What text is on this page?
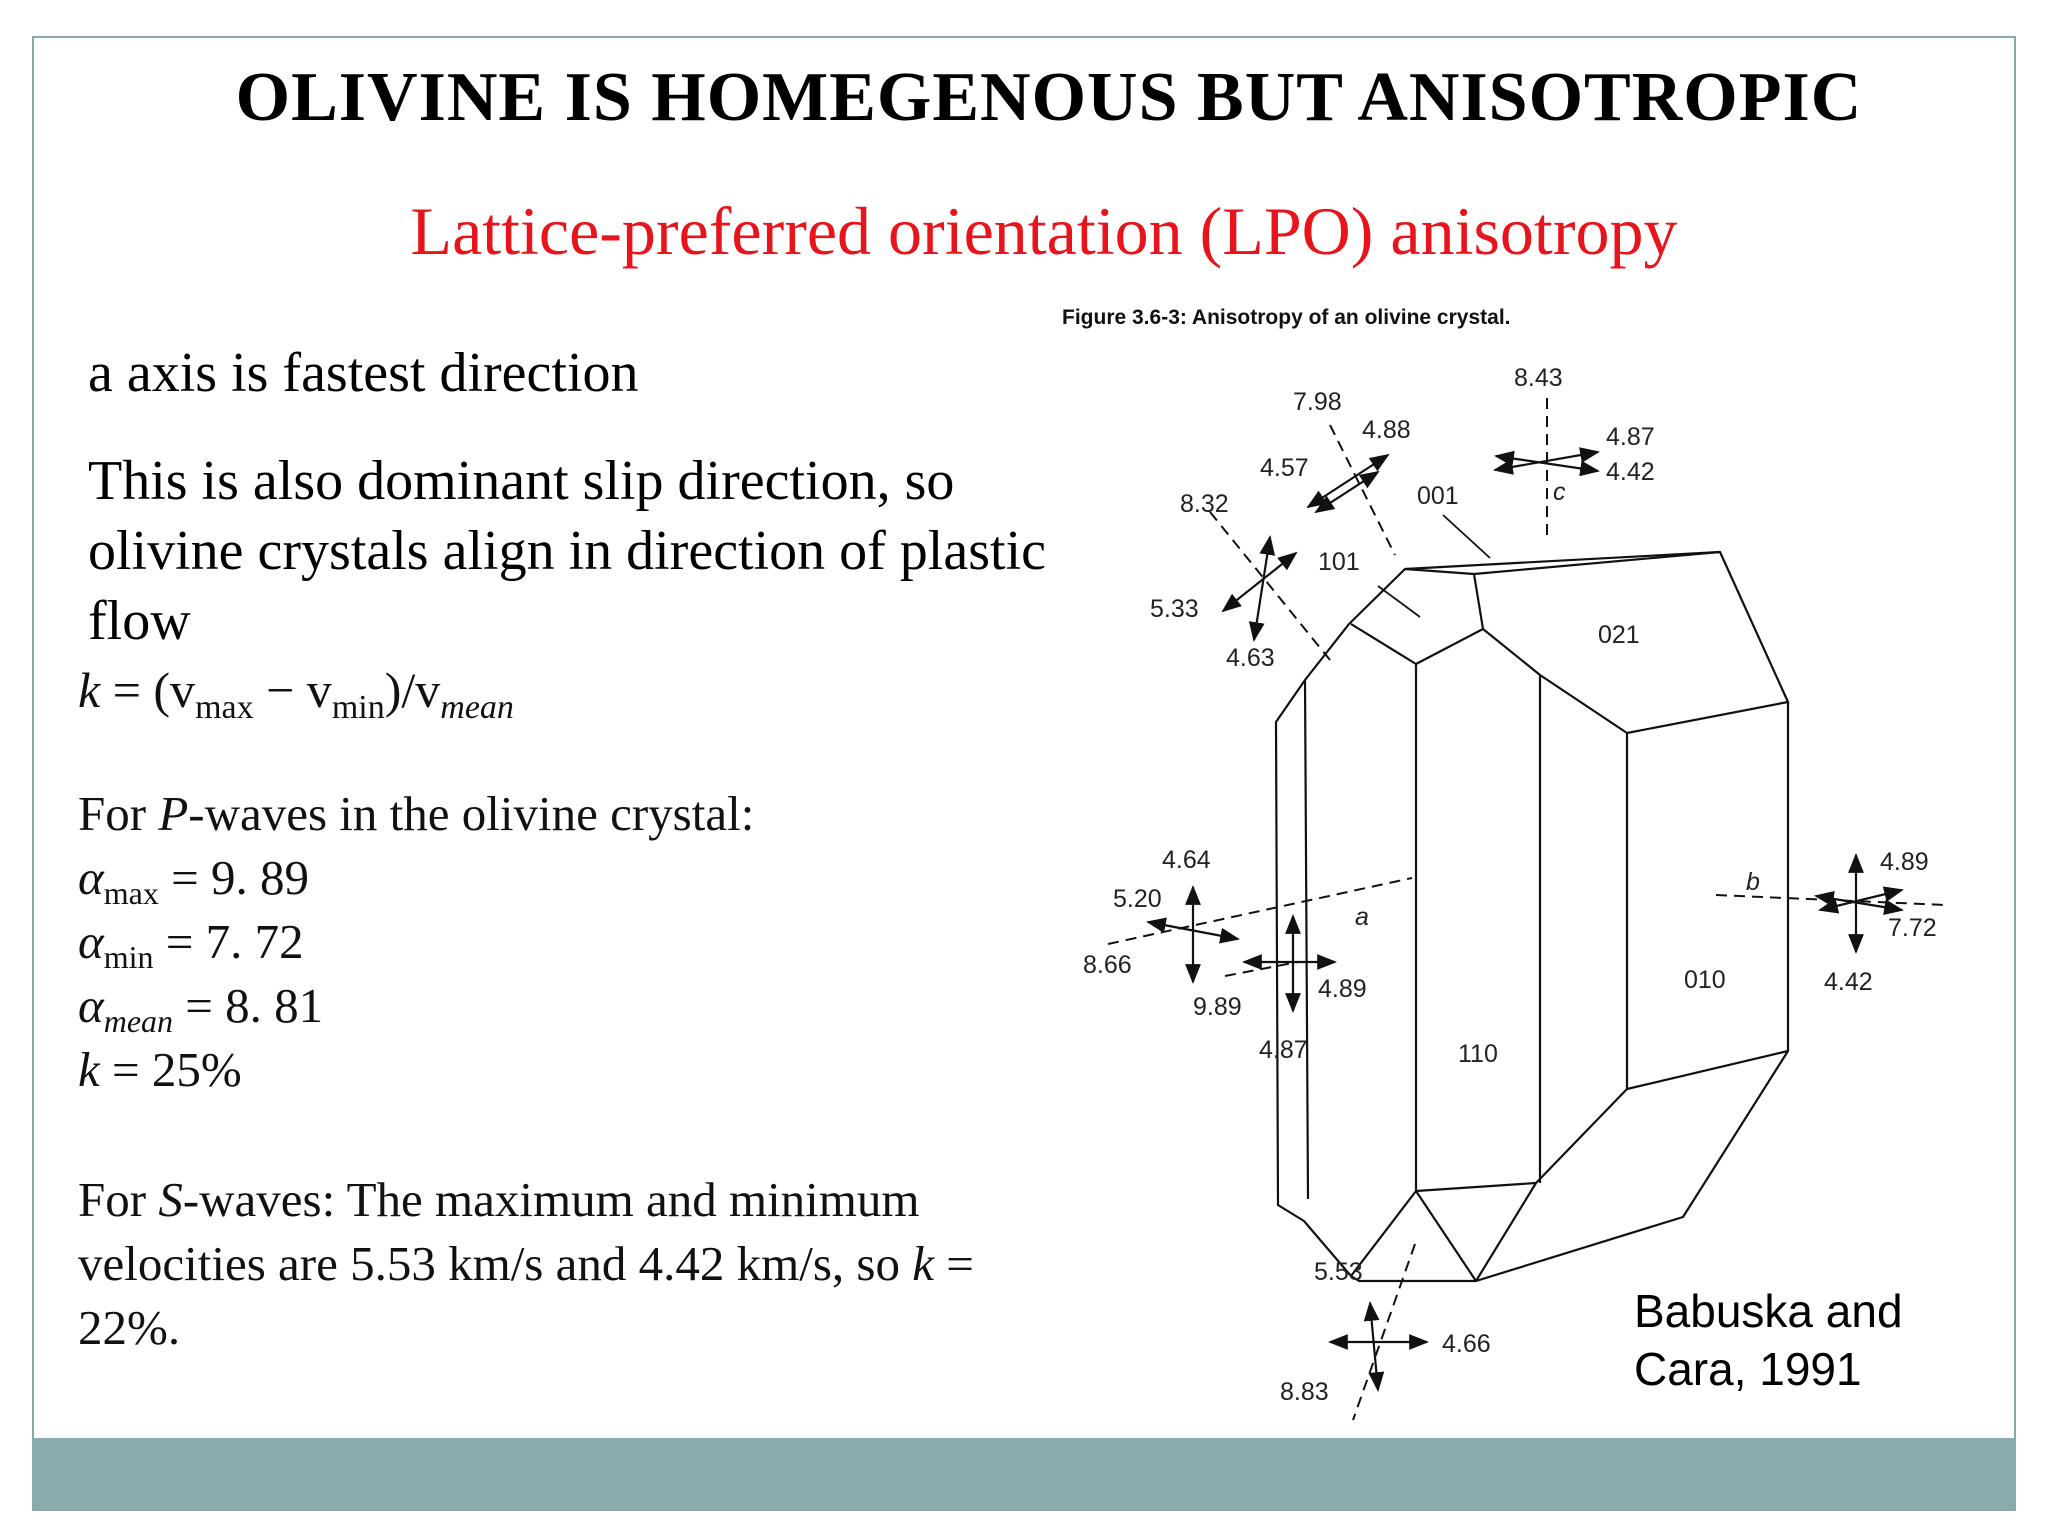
OLIVINE IS HOMEGENOUS BUT ANISOTROPIC
Lattice-preferred orientation (LPO) anisotropy
a axis is fastest direction
This is also dominant slip direction, so olivine crystals align in direction of plastic flow
$k = (v_{max} - v_{min})/v_{mean}$
For P-waves in the olivine crystal:
$\alpha_{max} = 9$. 89
$\alpha_{min} = 7$. 72
$\alpha_{mean} = 8$. 81
k = 25%
For S-waves: The maximum and minimum velocities are 5.53 km/s and 4.42 km/s, so k = 22%.
Figure 3.6-3: Anisotropy of an olivine crystal.
Babuska and
Cara, 1991
001
101
021
110
010
c
a
b
7.98
4.88
4.57
8.43
4.87
4.42
8.32
5.33
4.63
4.64
5.20
8.66
9.89
4.89
4.87
4.89
7.72
4.42
5.53
4.66
8.83
